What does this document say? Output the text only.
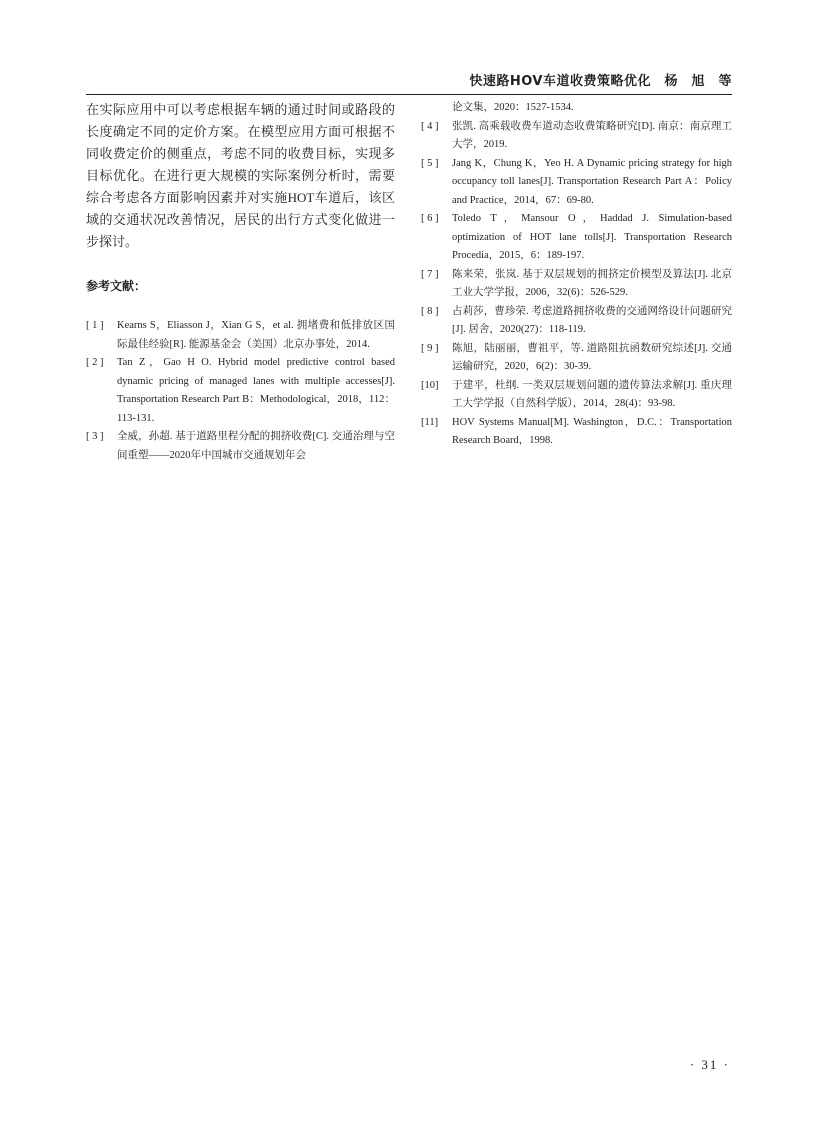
快速路HOV车道收费策略优化　杨　旭　等

在实际应用中可以考虑根据车辆的通过时间或路段的长度确定不同的定价方案。在模型应用方面可根据不同收费定价的侧重点，考虑不同的收费目标，实现多目标优化。在进行更大规模的实际案例分析时，需要综合考虑各方面影响因素并对实施HOT车道后，该区域的交通状况改善情况，居民的出行方式变化做进一步探讨。

参考文献：
[ 1 ] Kearns S，Eliasson J，Xian G S，et al. 拥堵费和低排放区国际最佳经验[R]. 能源基金会（美国）北京办事处，2014.
[ 2 ] Tan Z，Gao H O. Hybrid model predictive control based dynamic pricing of managed lanes with multiple accesses[J]. Transportation Research Part B：Methodological，2018，112：113-131.
[ 3 ] 全威，孙超. 基于道路里程分配的拥挤收费[C]. 交通治理与空间重塑——2020年中国城市交通规划年会
论文集，2020：1527-1534.
[ 4 ] 张凯. 高乘载收费车道动态收费策略研究[D]. 南京：南京理工大学，2019.
[ 5 ] Jang K，Chung K，Yeo H. A Dynamic pricing strategy for high occupancy toll lanes[J]. Transportation Research Part A：Policy and Practice，2014，67：69-80.
[ 6 ] Toledo T，Mansour O，Haddad J. Simulation-based optimization of HOT lane tolls[J]. Transportation Research Procedia，2015，6：189-197.
[ 7 ] 陈来荣，张岚. 基于双层规划的拥挤定价模型及算法[J]. 北京工业大学学报，2006，32(6)：526-529.
[ 8 ] 占莉莎，曹珍荣. 考虑道路拥挤收费的交通网络设计问题研究[J]. 居舍，2020(27)：118-119.
[ 9 ] 陈旭，陆丽丽，曹祖平，等. 道路阻抗函数研究综述[J]. 交通运输研究，2020，6(2)：30-39.
[10] 于建平，杜纲. 一类双层规划问题的遗传算法求解[J]. 重庆理工大学学报（自然科学版），2014，28(4)：93-98.
[11] HOV Systems Manual[M]. Washington，D.C.：Transportation Research Board，1998.
· 31 ·
